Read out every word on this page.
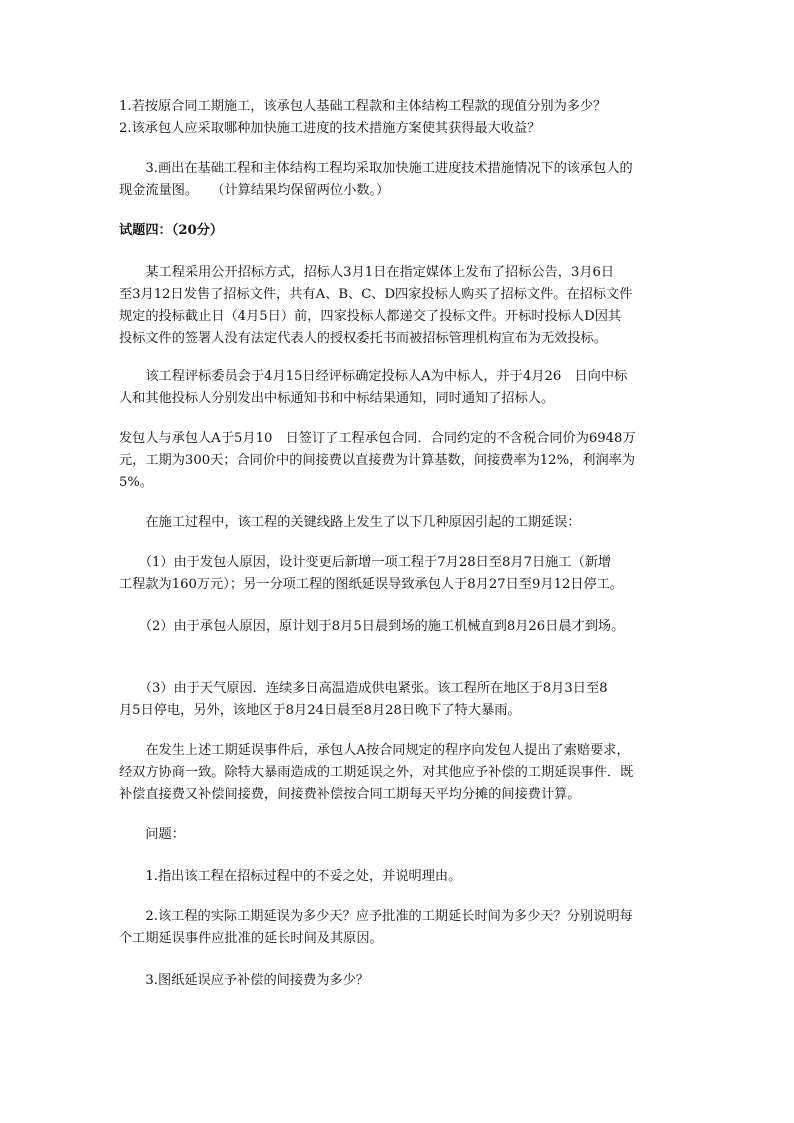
1.若按原合同工期施工，该承包人基础工程款和主体结构工程款的现值分别为多少？
2.该承包人应采取哪种加快施工进度的技术措施方案使其获得最大收益？
　　3.画出在基础工程和主体结构工程均采取加快施工进度技术措施情况下的该承包人的
现金流量图。　　（计算结果均保留两位小数。）
试题四：（20分）
　　某工程采用公开招标方式，招标人3月1日在指定媒体上发布了招标公告，3月6日
至3月12日发售了招标文件，共有A、B、C、D四家投标人购买了招标文件。在招标文件
规定的投标截止日（4月5日）前，四家投标人都递交了投标文件。开标时投标人D因其
投标文件的签署人没有法定代表人的授权委托书而被招标管理机构宣布为无效投标。
　　该工程评标委员会于4月15日经评标确定投标人A为中标人，并于4月26　日向中标
人和其他投标人分别发出中标通知书和中标结果通知，同时通知了招标人。
发包人与承包人A于5月10　日签订了工程承包合同．合同约定的不含税合同价为6948万
元，工期为300天；合同价中的间接费以直接费为计算基数，间接费率为12%，利润率为
5%。
　　在施工过程中，该工程的关键线路上发生了以下几种原因引起的工期延误：
　　（1）由于发包人原因，设计变更后新增一项工程于7月28日至8月7日施工（新增
工程款为160万元）；另一分项工程的图纸延误导致承包人于8月27日至9月12日停工。
　　（2）由于承包人原因，原计划于8月5日晨到场的施工机械直到8月26日晨才到场。
　　（3）由于天气原因．连续多日高温造成供电紧张。该工程所在地区于8月3日至8
月5日停电，另外，该地区于8月24日晨至8月28日晚下了特大暴雨。
　　在发生上述工期延误事件后，承包人A按合同规定的程序向发包人提出了索赔要求，
经双方协商一致。除特大暴雨造成的工期延误之外，对其他应予补偿的工期延误事件．既
补偿直接费又补偿间接费，间接费补偿按合同工期每天平均分摊的间接费计算。
　　问题：
　　1.指出该工程在招标过程中的不妥之处，并说明理由。
　　2.该工程的实际工期延误为多少天？应予批准的工期延长时间为多少天？分别说明每
个工期延误事件应批准的延长时间及其原因。
　　3.图纸延误应予补偿的间接费为多少？
